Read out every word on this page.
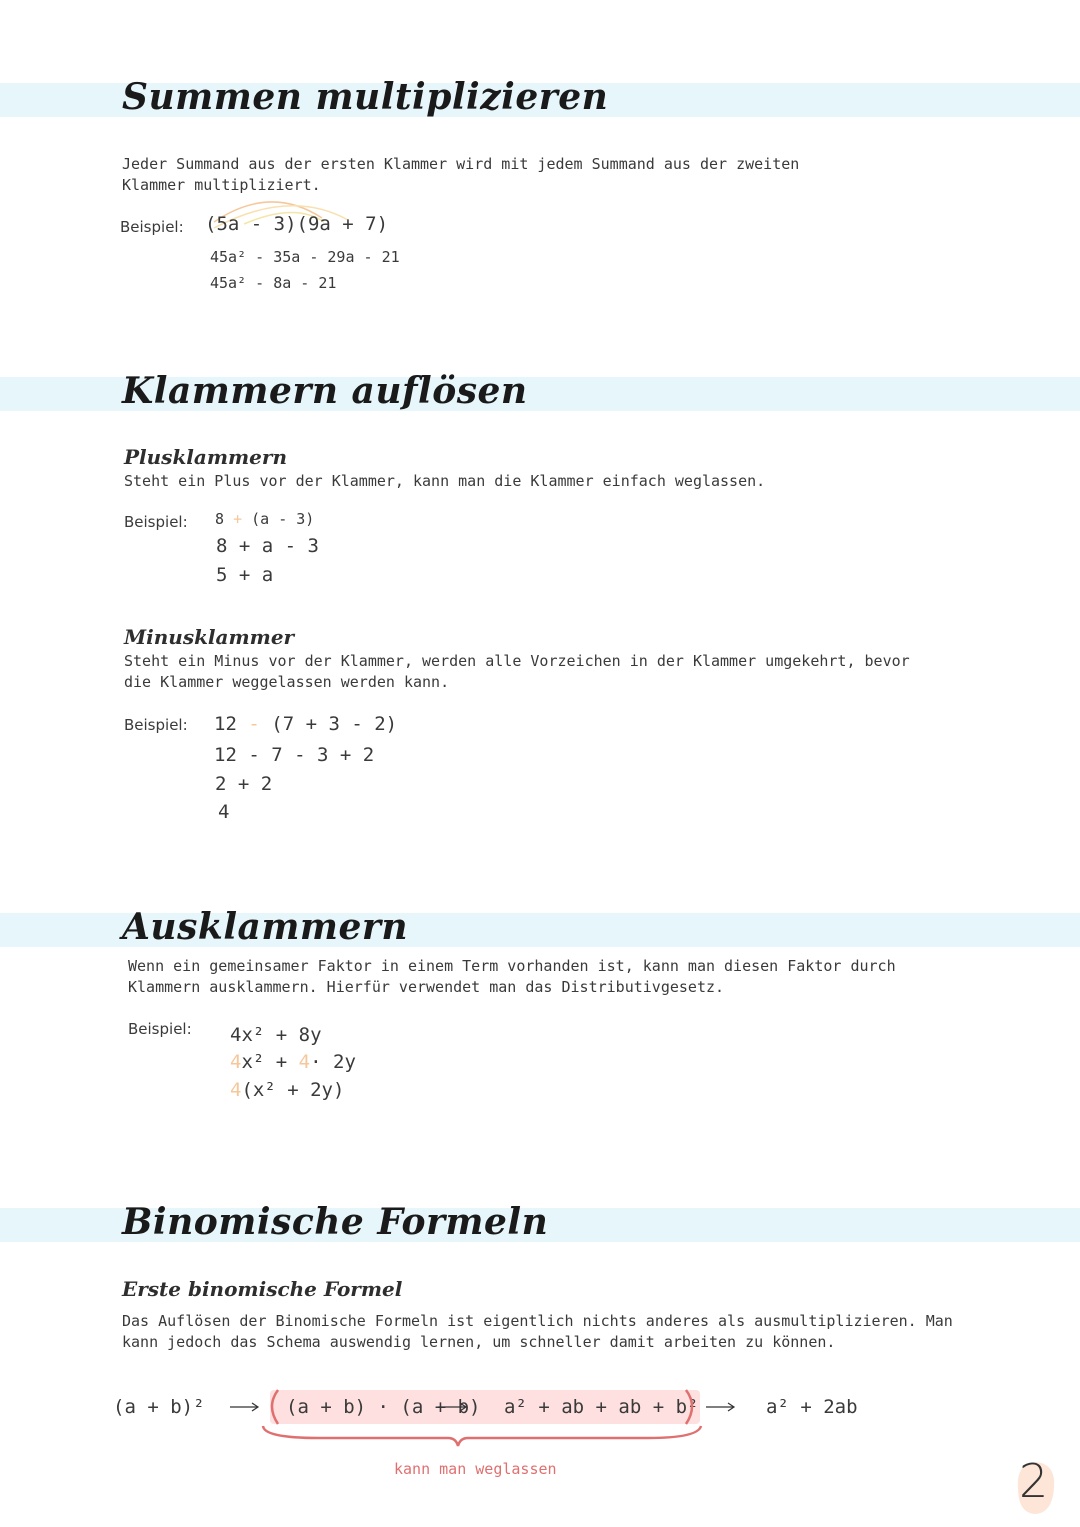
Summen multiplizieren

Jeder Summand aus der ersten Klammer wird mit jedem Summand aus der zweiten Klammer multipliziert.

Beispiel: (5a - 3)(9a + 7)
45a² - 35a - 29a - 21
45a² - 8a - 21
Klammern auflösen
Plusklammern

Steht ein Plus vor der Klammer, kann man die Klammer einfach weglassen.

Beispiel: 8 + (a - 3)
8 + a - 3
5 + a
Minusklammer

Steht ein Minus vor der Klammer, werden alle Vorzeichen in der Klammer umgekehrt, bevor die Klammer weggelassen werden kann.

Beispiel: 12 - (7 + 3 - 2)
12 - 7 - 3 + 2
2 + 2
4
Ausklammern

Wenn ein gemeinsamer Faktor in einem Term vorhanden ist, kann man diesen Faktor durch Klammern ausklammern. Hierfür verwendet man das Distributivgesetz.

Beispiel: 4x² + 8y
4x² + 4· 2y
4(x² + 2y)
Binomische Formeln
Erste binomische Formel

Das Auflösen der Binomische Formeln ist eigentlich nichts anderes als ausmultiplizieren. Man kann jedoch das Schema auswendig lernen, um schneller damit arbeiten zu können.

(a + b)²	(a + b) · (a + b) a² + ab + ab + b²	a² + 2ab
kann man weglassen	2
